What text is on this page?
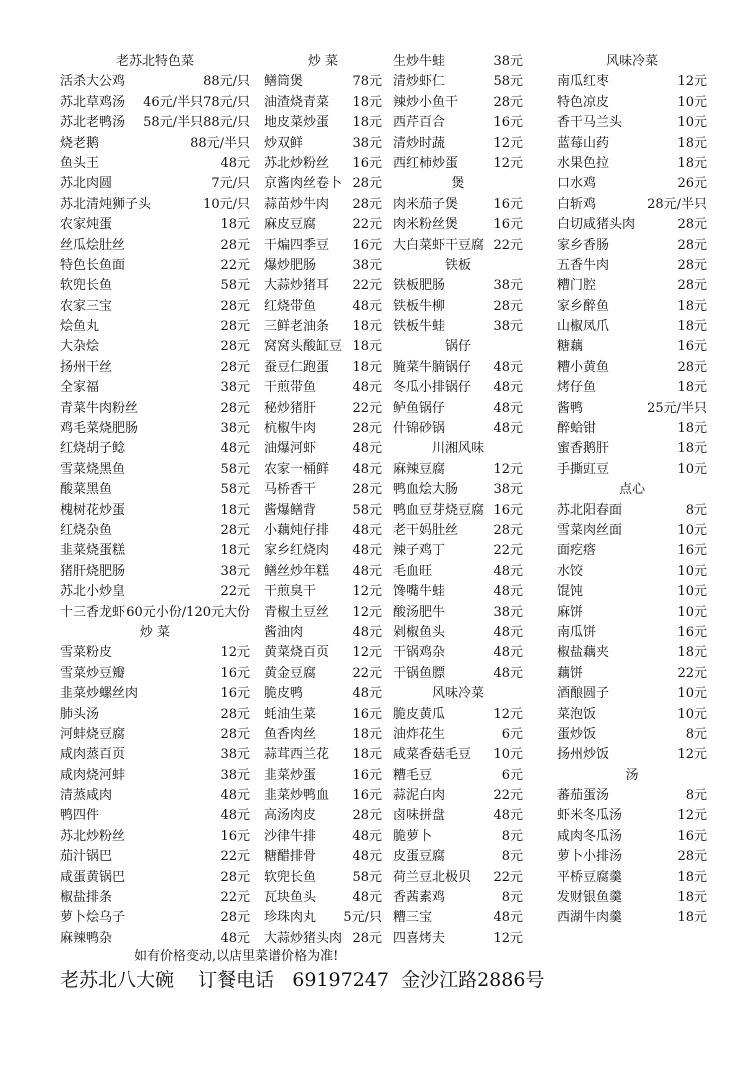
老苏北特色菜
活杀大公鸡	88元/只
苏北草鸡汤 46元/半只78元/只
苏北老鸭汤 58元/半只88元/只
烧老鹅	88元/半只
鱼头王	48元
苏北肉圆	7元/只
苏北清炖狮子头	10元/只
农家炖蛋	18元
丝瓜烩肚丝	28元
特色长鱼面	22元
软兜长鱼	58元
农家三宝	28元
烩鱼丸	28元
大杂烩	28元
扬州干丝	28元
全家福	38元
青菜牛肉粉丝	28元
鸡毛菜烧肥肠	38元
红烧胡子鲶	48元
雪菜烧黑鱼	58元
酸菜黑鱼	58元
槐树花炒蛋	18元
红烧杂鱼	28元
韭菜烧蛋糕	18元
猪肝烧肥肠	38元
苏北小炒皇	22元
十三香龙虾 60元小份/120元大份
炒 菜
雪菜粉皮	12元
雪菜炒豆瓣	16元
韭菜炒螺丝肉	16元
肺头汤	28元
河蚌烧豆腐	28元
咸肉蒸百页	38元
咸肉烧河蚌	38元
清蒸咸肉	48元
鸭四件	48元
苏北炒粉丝	16元
茄汁锅巴	22元
咸蛋黄锅巴	28元
椒盐排条	22元
萝卜烩乌子	28元
麻辣鸭杂	48元
炒 菜
鳝筒煲	78元
油渣烧青菜 18元
地皮菜炒蛋 18元
炒双鲜	38元
苏北炒粉丝 16元
京酱肉丝卷卜 28元
蒜苗炒牛肉 28元
麻皮豆腐	22元
干煸四季豆 16元
爆炒肥肠	38元
大蒜炒猪耳 22元
红烧带鱼	48元
三鲜老油条 18元
窝窝头酸缸豆 18元
蚕豆仁跑蛋 18元
干煎带鱼	48元
秘炒猪肝	22元
杭椒牛肉	28元
油爆河虾	48元
农家一桶鲜 48元
马桥香干	28元
酱爆鳝背	58元
小藕炖仔排 48元
家乡红烧肉 48元
鳝丝炒年糕 48元
干煎臭干	12元
青椒土豆丝 12元
酱油肉	48元
黄菜烧百页 12元
黄金豆腐	22元
脆皮鸭	48元
蚝油生菜	16元
鱼香肉丝	18元
蒜茸西兰花 18元
韭菜炒蛋	16元
韭菜炒鸭血 16元
高汤肉皮	28元
沙律牛排	48元
糖醋排骨	48元
软兜长鱼	58元
瓦块鱼头	48元
珍珠肉丸 5元/只
大蒜炒猪头肉 28元
生炒牛蛙	38元
清炒虾仁	58元
辣炒小鱼干	28元
西芹百合	16元
清炒时蔬	12元
西红柿炒蛋	12元
煲
肉米茄子煲	16元
肉米粉丝煲	16元
大白菜虾干豆腐 22元
铁板
铁板肥肠	38元
铁板牛柳	28元
铁板牛蛙	38元
锅仔
腌菜牛腩锅仔 48元
冬瓜小排锅仔 48元
鲈鱼锅仔	48元
什锦砂锅	48元
川湘风味
麻辣豆腐	12元
鸭血烩大肠	38元
鸭血豆芽烧豆腐 16元
老干妈肚丝	28元
辣子鸡丁	22元
毛血旺	48元
馋嘴牛蛙	48元
酸汤肥牛	38元
剁椒鱼头	48元
干锅鸡杂	48元
干锅鱼膘	48元
风味冷菜
脆皮黄瓜	12元
油炸花生	6元
咸菜香菇毛豆 10元
糟毛豆	6元
蒜泥白肉	22元
卤味拼盘	48元
脆萝卜	8元
皮蛋豆腐	8元
荷兰豆北极贝 22元
香茜素鸡	8元
糟三宝	48元
四喜烤夫	12元
风味冷菜
南瓜红枣	12元
特色凉皮	10元
香干马兰头	10元
蓝莓山药	18元
水果色拉	18元
口水鸡	26元
白斩鸡	28元/半只
白切咸猪头肉	28元
家乡香肠	28元
五香牛肉	28元
糟门腔	28元
家乡醉鱼	18元
山椒凤爪	18元
糖藕	16元
糟小黄鱼	28元
烤仔鱼	18元
酱鸭	25元/半只
醉蛤钳	18元
蜜香鹅肝	18元
手撕豇豆	10元
点心
苏北阳春面	8元
雪菜肉丝面	10元
面疙瘩	16元
水饺	10元
馄饨	10元
麻饼	10元
南瓜饼	16元
椒盐藕夹	18元
藕饼	22元
酒酿圆子	10元
菜泡饭	10元
蛋炒饭	8元
扬州炒饭	12元
汤
蕃茄蛋汤	8元
虾米冬瓜汤	12元
咸肉冬瓜汤	16元
萝卜小排汤	28元
平桥豆腐羹	18元
发财银鱼羹	18元
西湖牛肉羹	18元
如有价格变动,以店里菜谱价格为准!
老苏北八大碗    订餐电话   69197247  金沙江路2886号
